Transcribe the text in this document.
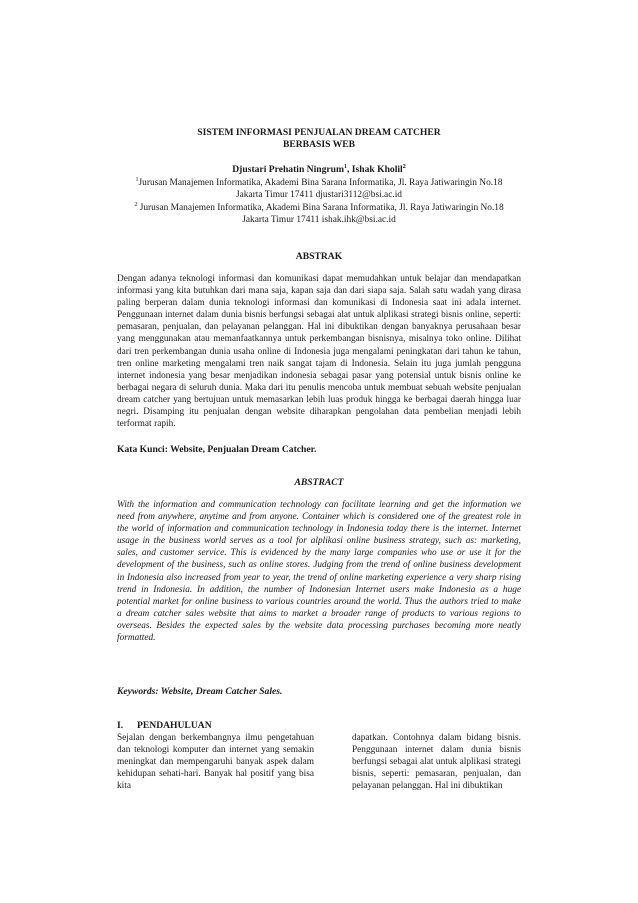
SISTEM INFORMASI PENJUALAN DREAM CATCHER
BERBASIS WEB
Djustari Prehatin Ningrum$^1$, Ishak Kholil$^2$
$^1$Jurusan Manajemen Informatika, Akademi Bina Sarana Informatika, Jl. Raya Jatiwaringin No.18
Jakarta Timur 17411 djustari3112@bsi.ac.id
$^2$ Jurusan Manajemen Informatika, Akademi Bina Sarana Informatika, Jl. Raya Jatiwaringin No.18
Jakarta Timur 17411 ishak.ihk@bsi.ac.id
ABSTRAK
Dengan adanya teknologi informasi dan komunikasi dapat memudahkan untuk belajar dan mendapatkan informasi yang kita butuhkan dari mana saja, kapan saja dan dari siapa saja. Salah satu wadah yang dirasa paling berperan dalam dunia teknologi informasi dan komunikasi di Indonesia saat ini adala internet. Penggunaan internet dalam dunia bisnis berfungsi sebagai alat untuk alplikasi strategi bisnis online, seperti: pemasaran, penjualan, dan pelayanan pelanggan. Hal ini dibuktikan dengan banyaknya perusahaan besar yang menggunakan atau memanfaatkannya untuk perkembangan bisnisnya, misalnya toko online. Dilihat dari tren perkembangan dunia usaha online di Indonesia juga mengalami peningkatan dari tahun ke tahun, tren online marketing mengalami tren naik sangat tajam di Indonesia. Selain itu juga jumlah pengguna internet indonesia yang besar menjadikan indonesia sebagai pasar yang potensial untuk bisnis online ke berbagai negara di seluruh dunia. Maka dari itu penulis mencoba untuk membuat sebuah website penjualan dream catcher yang bertujuan untuk memasarkan lebih luas produk hingga ke berbagai daerah hingga luar negri. Disamping itu penjualan dengan website diharapkan pengolahan data pembelian menjadi lebih terformat rapih.
Kata Kunci: Website, Penjualan Dream Catcher.
ABSTRACT
With the information and communication technology can facilitate learning and get the information we need from anywhere, anytime and from anyone. Container which is considered one of the greatest role in the world of information and communication technology in Indonesia today there is the internet. Internet usage in the business world serves as a tool for alplikasi online business strategy, such as: marketing, sales, and customer service. This is evidenced by the many large companies who use or use it for the development of the business, such as online stores. Judging from the trend of online business development in Indonesia also increased from year to year, the trend of online marketing experience a very sharp rising trend in Indonesia. In addition, the number of Indonesian Internet users make Indonesia as a huge potential market for online business to various countries around the world. Thus the authors tried to make a dream catcher sales website that aims to market a broader range of products to various regions to overseas. Besides the expected sales by the website data processing purchases becoming more neatly formatted.
Keywords: Website, Dream Catcher Sales.
I. PENDAHULUAN
Sejalan dengan berkembangnya ilmu pengetahuan dan teknologi komputer dan internet yang semakin meningkat dan mempengaruhi banyak aspek dalam kehidupan sehati-hari. Banyak hal positif yang bisa kita
dapatkan. Contohnya dalam bidang bisnis. Penggunaan internet dalam dunia bisnis berfungsi sebagai alat untuk alplikasi strategi bisnis, seperti: pemasaran, penjualan, dan pelayanan pelanggan. Hal ini dibuktikan
